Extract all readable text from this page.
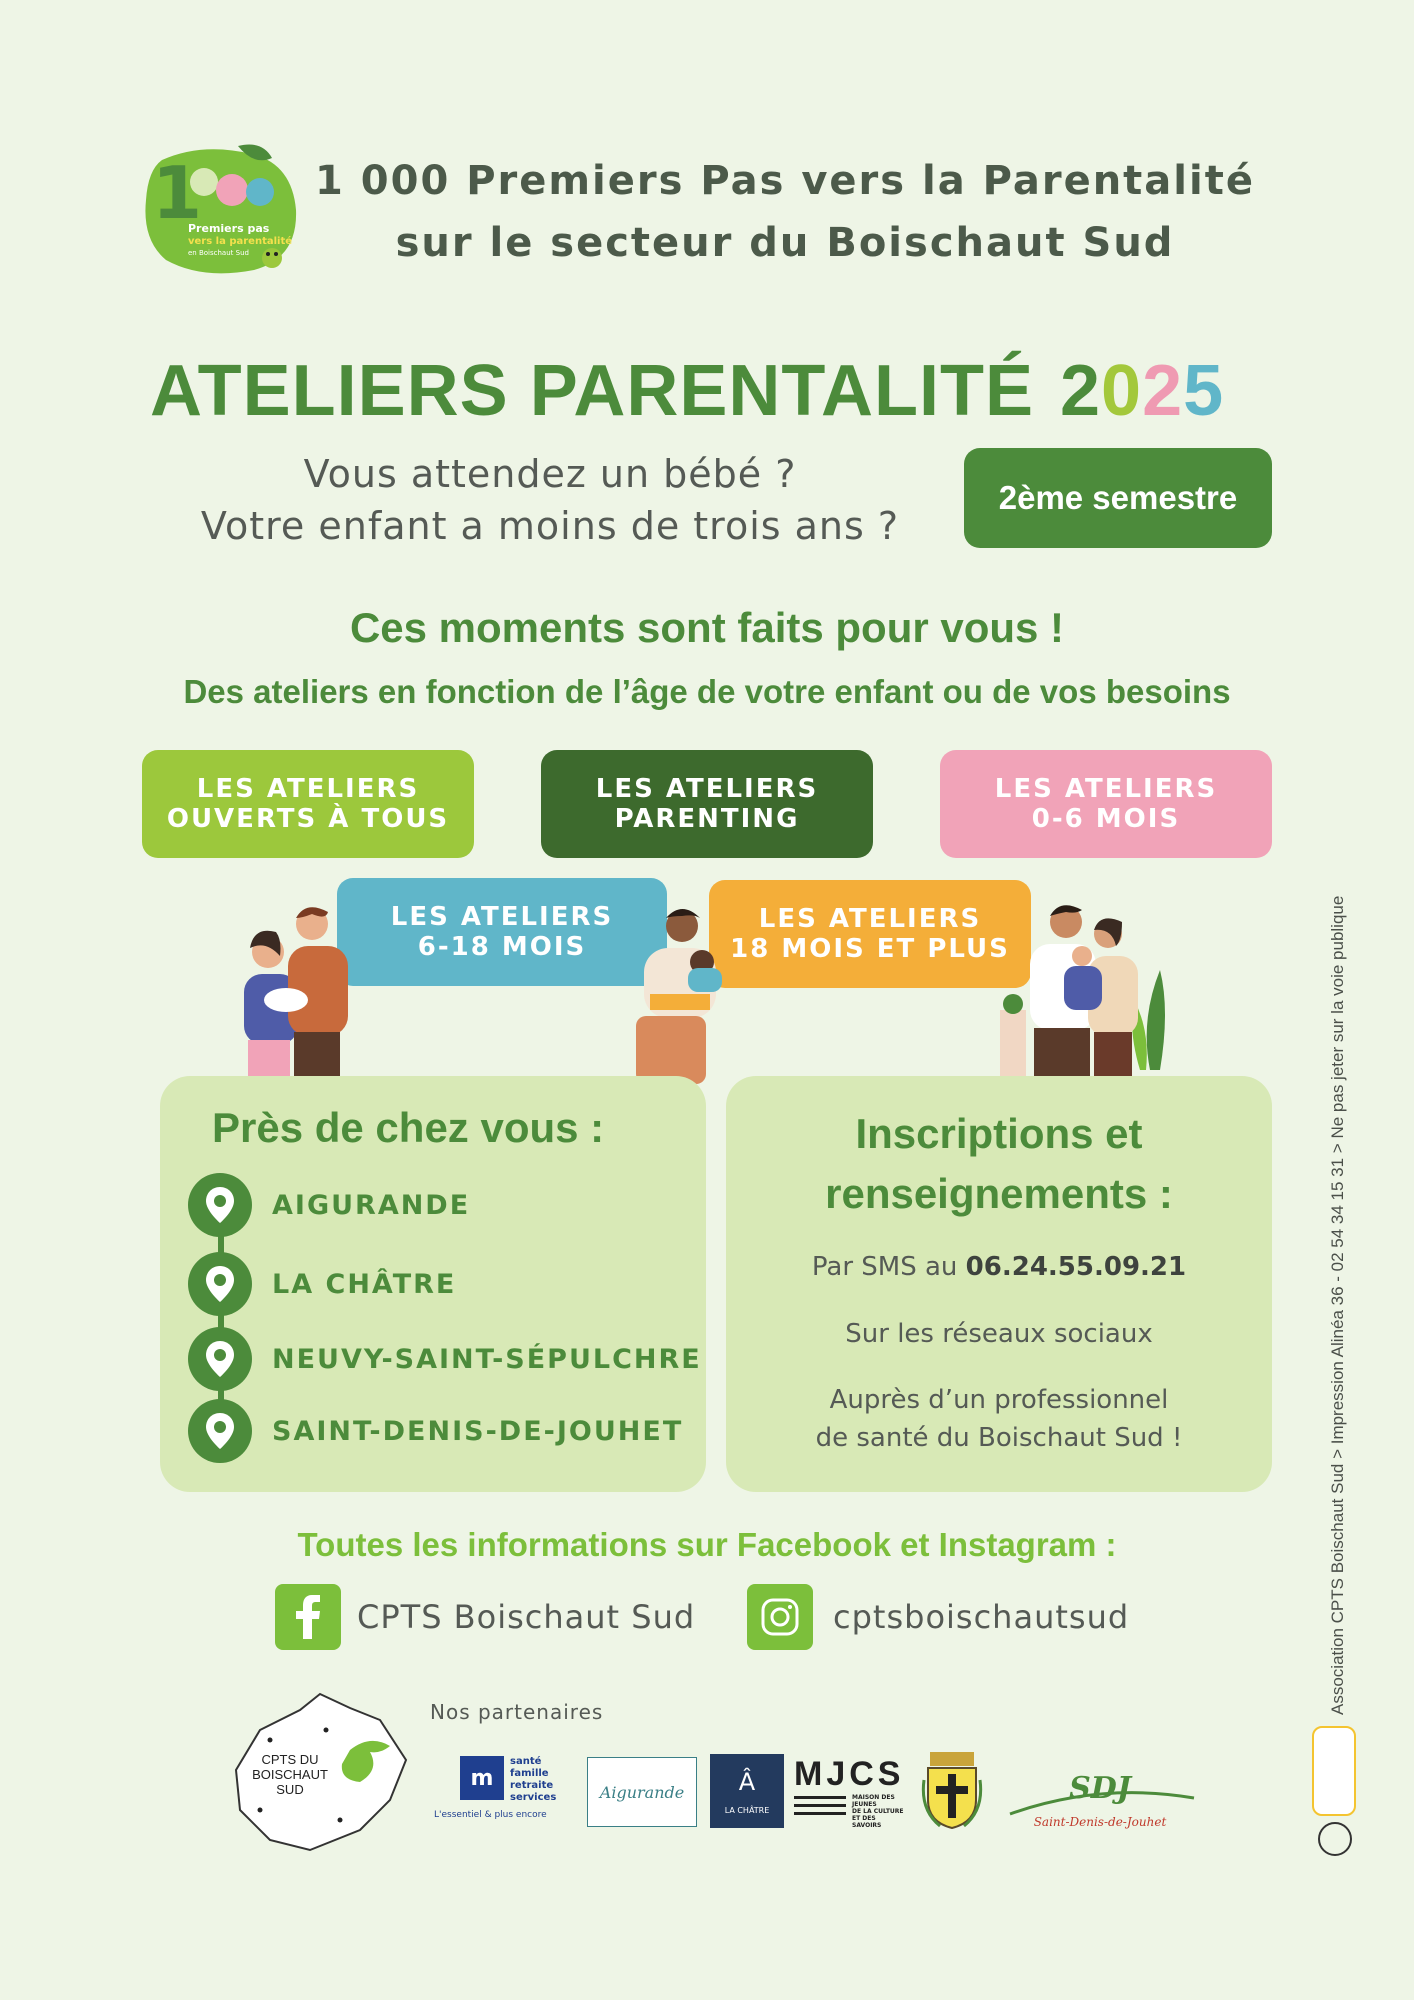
1
Premiers pas
vers la parentalité
en Boischaut Sud
1000
1 000 Premiers Pas vers la Parentalité
sur le secteur du Boischaut Sud
ATELIERS PARENTALITÉ 2025
Vous attendez un bébé ?
Votre enfant a moins de trois ans ?
2ème semestre
Ces moments sont faits pour vous !
Des ateliers en fonction de l’âge de votre enfant ou de vos besoins
LES ATELIERS
OUVERTS À TOUS
LES ATELIERS
PARENTING
LES ATELIERS
0-6 MOIS
LES ATELIERS
6-18 MOIS
LES ATELIERS
18 MOIS ET PLUS
Près de chez vous :
AIGURANDE
LA CHÂTRE
NEUVY-SAINT-SÉPULCHRE
SAINT-DENIS-DE-JOUHET
Inscriptions et
renseignements :
Par SMS au 06.24.55.09.21
Sur les réseaux sociaux
Auprès d’un professionnel
de santé du Boischaut Sud !
Toutes les informations sur Facebook et Instagram :
CPTS Boischaut Sud	cptsboischautsud
Nos partenaires
CPTS DU
BOISCHAUT
SUD	m
santé
famille
retraite
services
L'essentiel & plus encore
Aigurande	Â
LA CHÂTRE
MJCS
MAISON DES JEUNES
DE LA CULTURE
ET DES SAVOIRS
SDJ
Saint-Denis-de-Jouhet
Association CPTS Boischaut Sud > Impression Alinéa 36 - 02 54 34 15 31 > Ne pas jeter sur la voie publique
